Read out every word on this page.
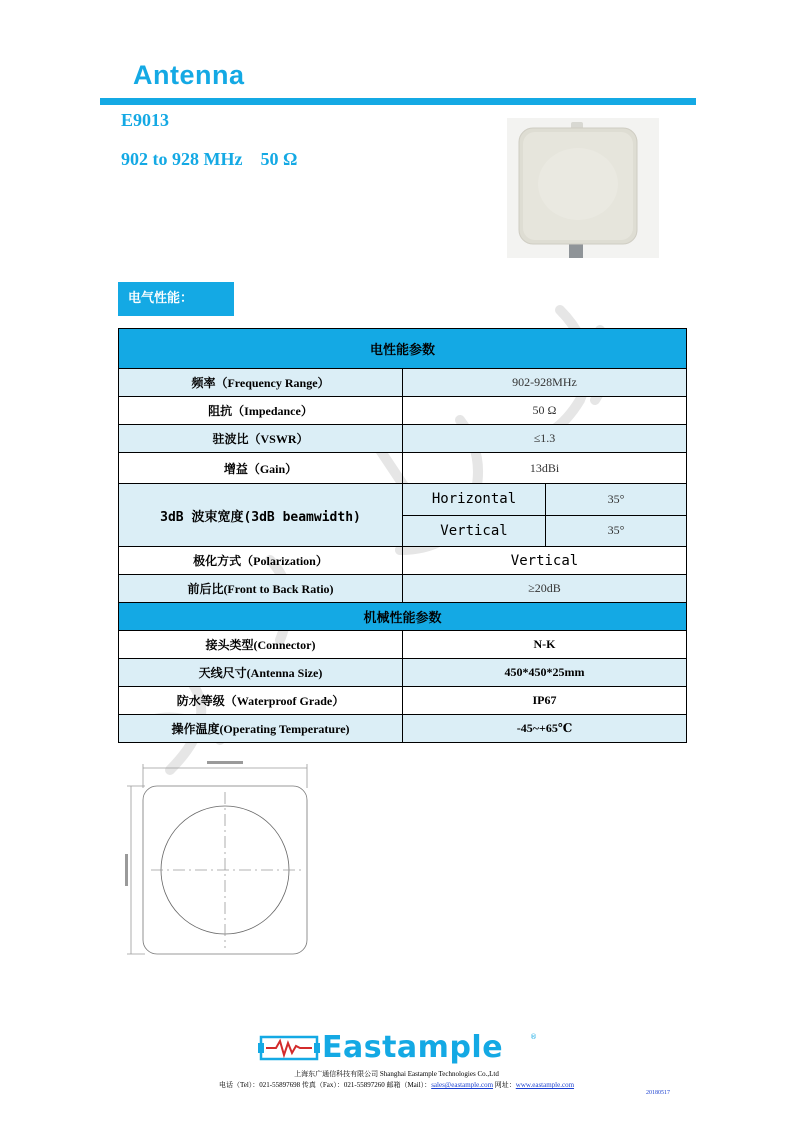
Antenna
E9013
902 to 928 MHz 50 Ω
电气性能：
电性能参数
频率（Frequency Range）	902-928MHz
阻抗（Impedance）	50 Ω
驻波比（VSWR）	≤1.3
增益（Gain）	13dBi
3dB 波束宽度(3dB beamwidth)	
Horizontal	35°
Vertical	35°

极化方式（Polarization）	Vertical
前后比(Front to Back Ratio)	≥20dB
机械性能参数
接头类型(Connector)	N-K
天线尺寸(Antenna Size)	450*450*25mm
防水等级（Waterproof Grade）	IP67
操作温度(Operating Temperature)	-45~+65℃
Eastample	®
上海东广通信科技有限公司 Shanghai Eastample Technologies Co.,Ltd
电话（Tel）：021-55897698 传真（Fax）：021-55897260 邮箱（Mail）：sales@eastample.com 网址：www.eastample.com
20180517
